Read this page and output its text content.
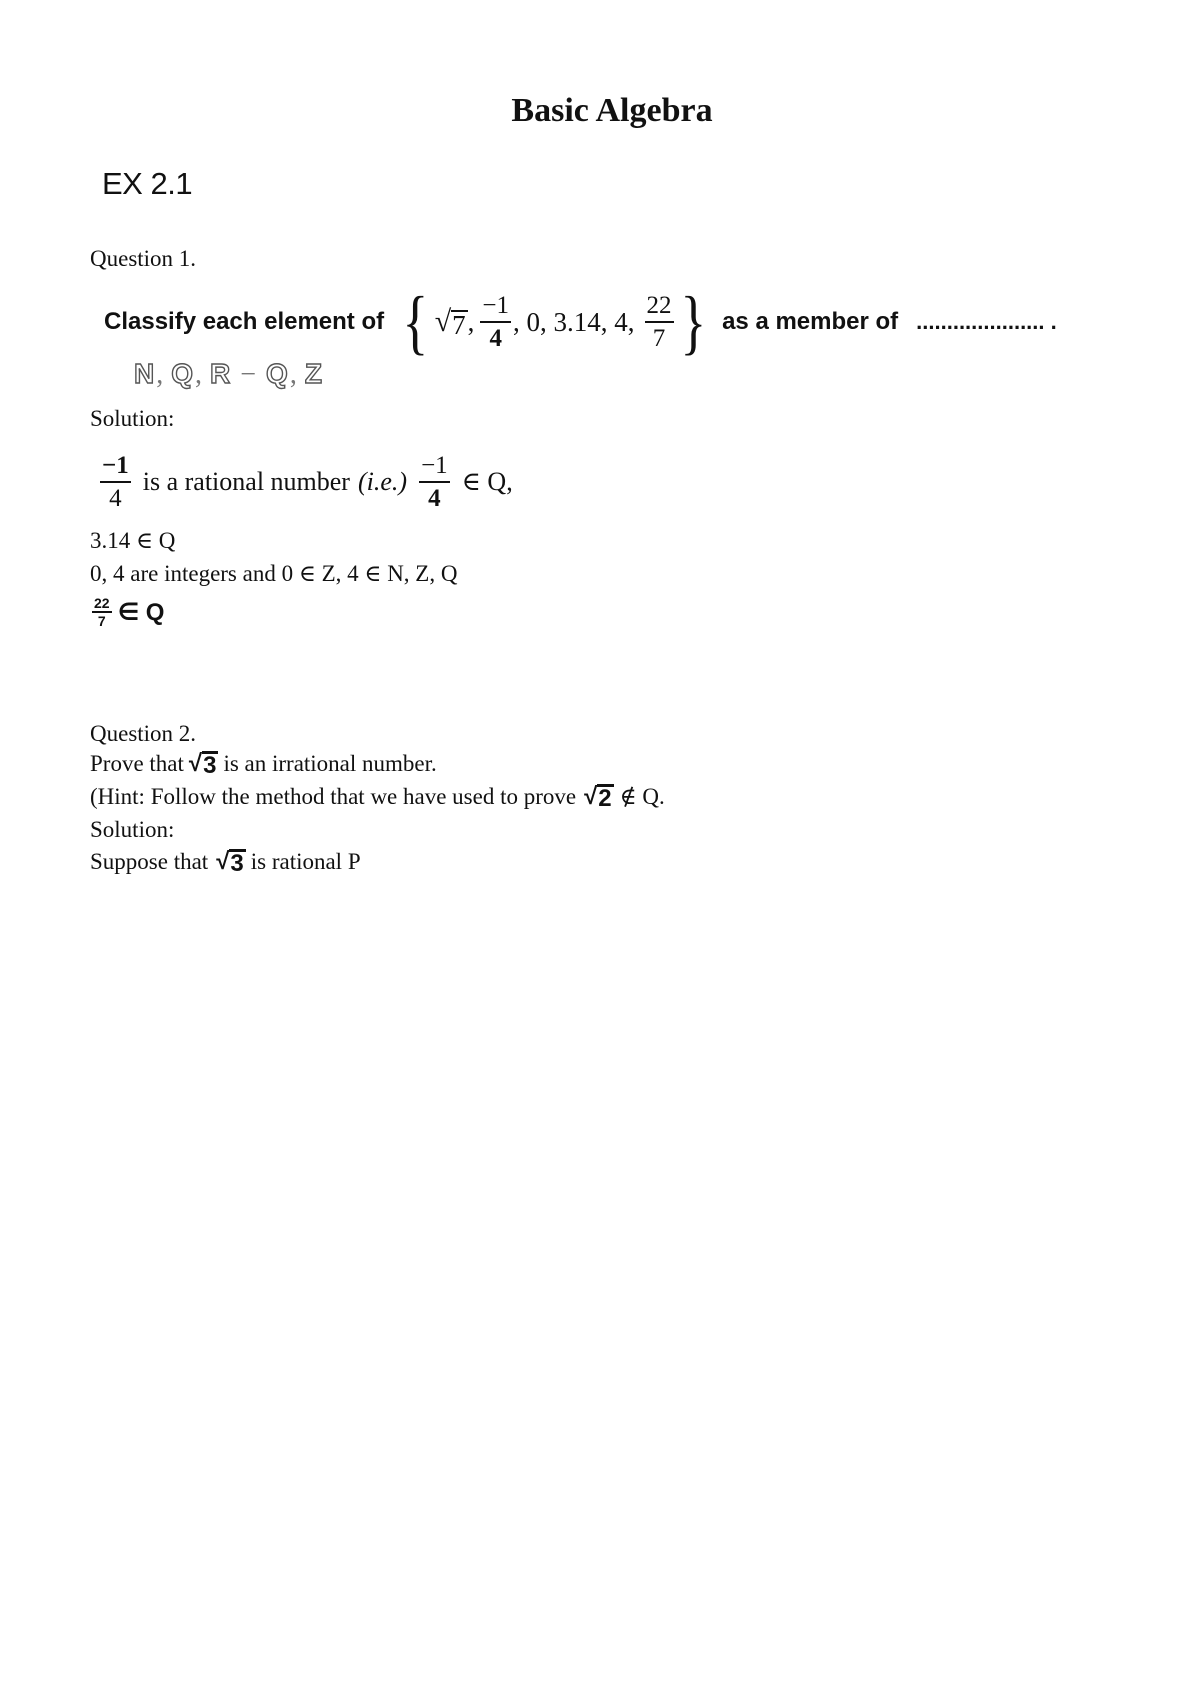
Basic Algebra
EX 2.1
Question 1.
Classify each element of { √ 7 , $\frac{-1}{4}$ , 0, 3.14, 4, $\frac{22}{7}$ } as a member of ..................... .
N , Q , R − Q , Z
Solution:
$\frac{-1}{4}$ is a rational number $(i.e.) \frac{-1}{4}$ ∈ Q,
3.14 ∈ Q
0, 4 are integers and 0 ∈ Z, 4 ∈ N, Z, Q
$\frac{22}{7}$ ∈ Q
Question 2.
Prove that √ 3 is an irrational number.
(Hint: Follow the method that we have used to prove √ 2 ∉ Q.
Solution:
Suppose that √ 3 is rational P
